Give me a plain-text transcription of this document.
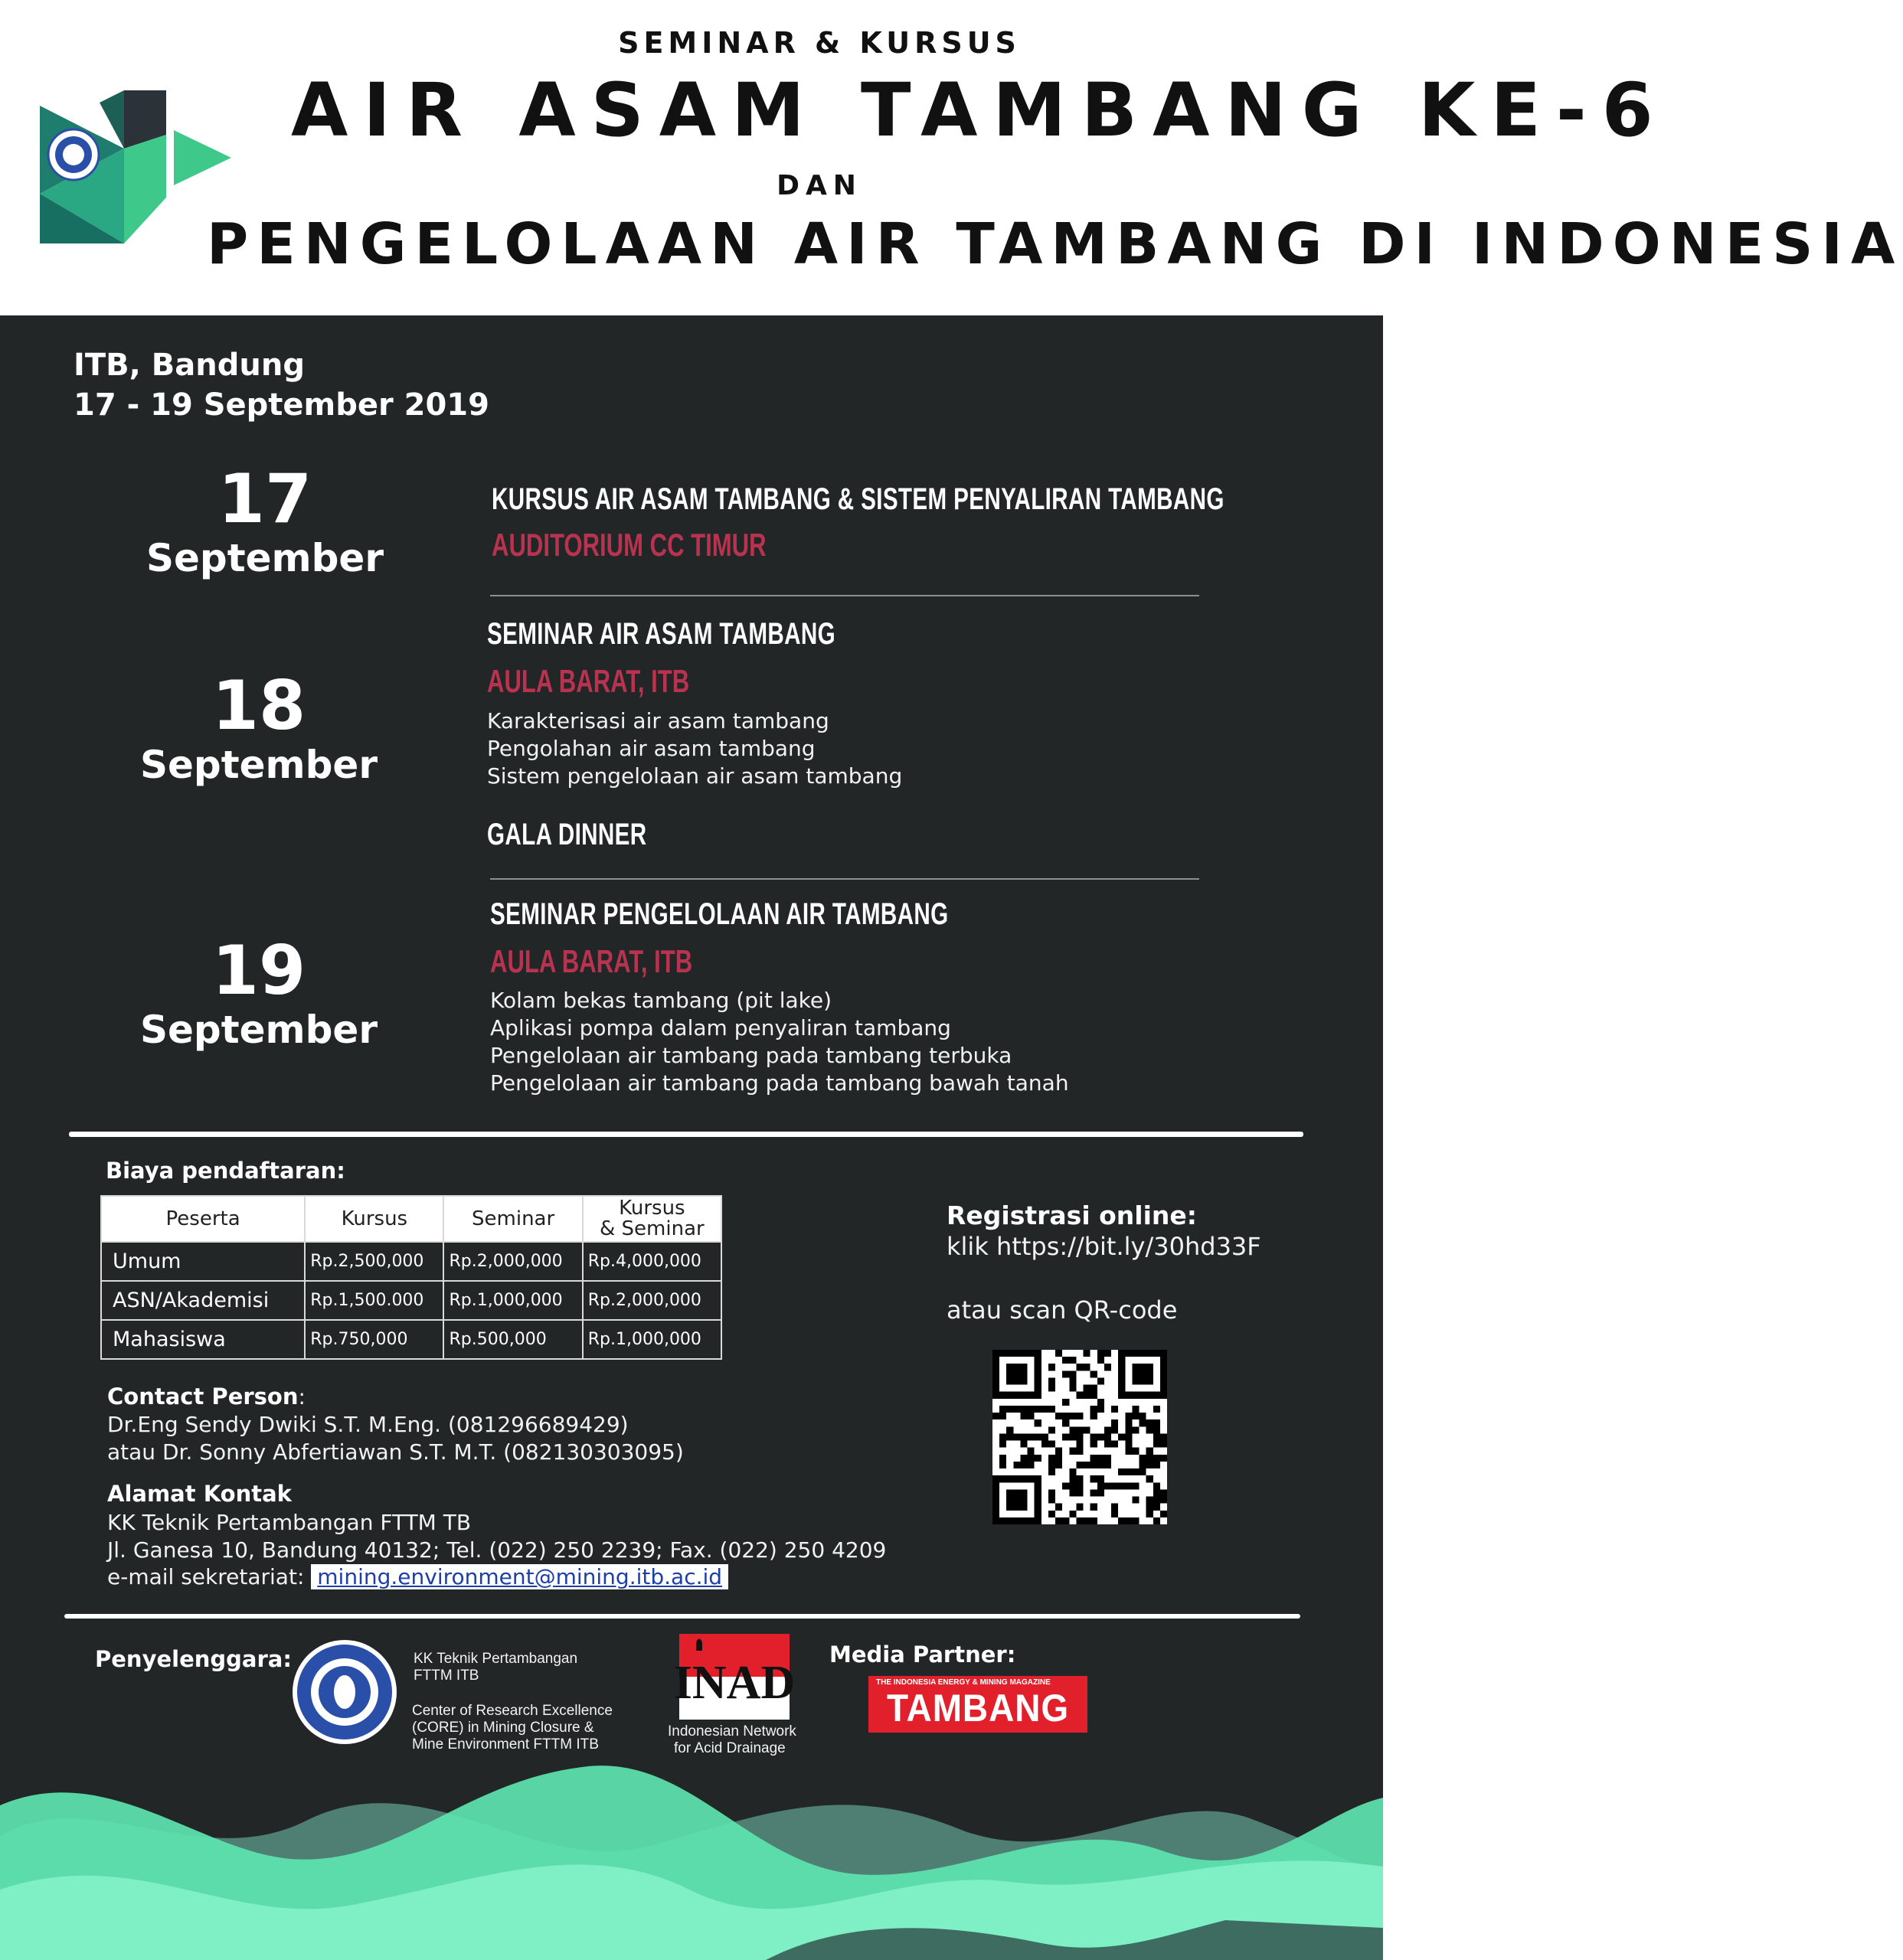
SEMINAR & KURSUS
AIR ASAM TAMBANG KE-6
DAN
PENGELOLAAN AIR TAMBANG DI INDONESIA
ITB, Bandung
17 - 19 September 2019
17
September
KURSUS AIR ASAM TAMBANG & SISTEM PENYALIRAN TAMBANG
AUDITORIUM CC TIMUR
18
September
SEMINAR AIR ASAM TAMBANG
AULA BARAT, ITB
Karakterisasi air asam tambang
Pengolahan air asam tambang
Sistem pengelolaan air asam tambang
GALA DINNER
19
September
SEMINAR PENGELOLAAN AIR TAMBANG
AULA BARAT, ITB
Kolam bekas tambang (pit lake)
Aplikasi pompa dalam penyaliran tambang
Pengelolaan air tambang pada tambang terbuka
Pengelolaan air tambang pada tambang bawah tanah
Biaya pendaftaran:
Peserta	Kursus	Seminar	Kursus
& Seminar
Umum	Rp.2,500,000	Rp.2,000,000	Rp.4,000,000
ASN/Akademisi	Rp.1,500.000	Rp.1,000,000	Rp.2,000,000
Mahasiswa	Rp.750,000	Rp.500,000	Rp.1,000,000
Contact Person:
Dr.Eng Sendy Dwiki S.T. M.Eng. (081296689429)
atau Dr. Sonny Abfertiawan S.T. M.T. (082130303095)
Alamat Kontak
KK Teknik Pertambangan FTTM TB
Jl. Ganesa 10, Bandung 40132; Tel. (022) 250 2239; Fax. (022) 250 4209
e-mail sekretariat: mining.environment@mining.itb.ac.id
Registrasi online:
klik https://bit.ly/30hd33F
atau scan QR-code
Penyelenggara:	KK Teknik Pertambangan
FTTM ITB
Center of Research Excellence
(CORE) in Mining Closure &
Mine Environment FTTM ITB
INAD
Indonesian Network
for Acid Drainage
Media Partner:
THE INDONESIA ENERGY & MINING MAGAZINE
TAMBANG
